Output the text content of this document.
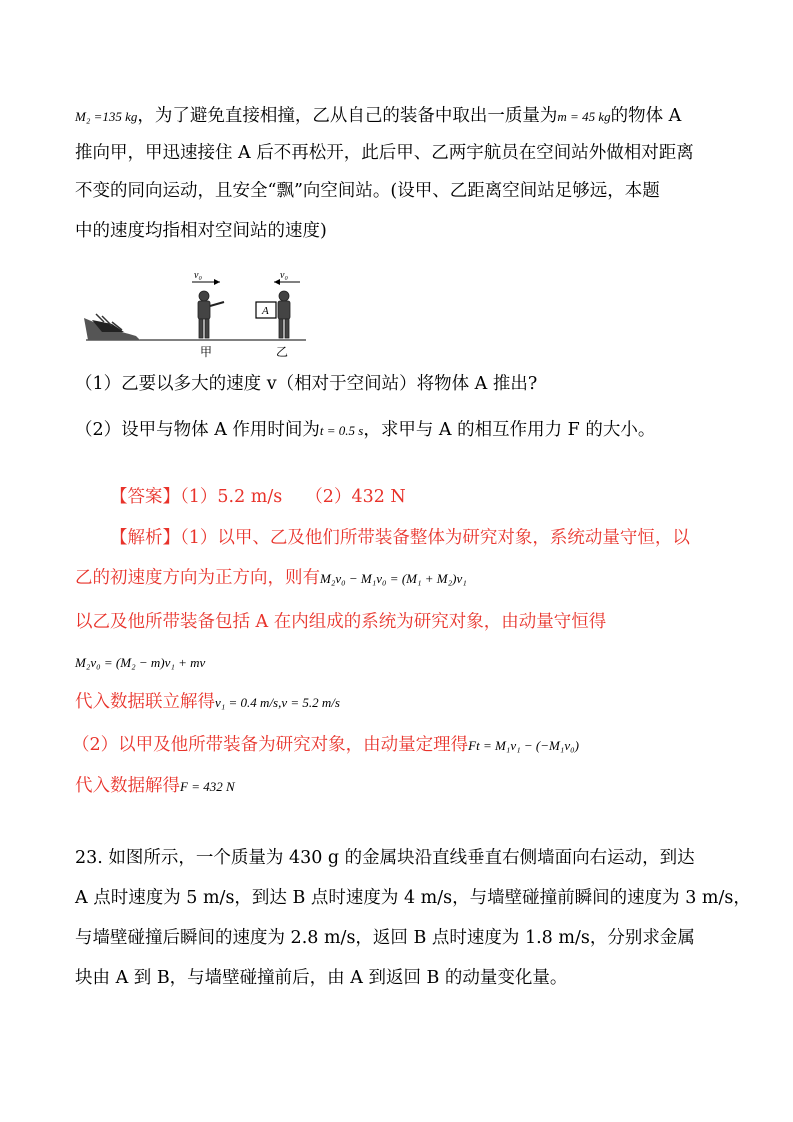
M₂ =135 kg，为了避免直接相撞，乙从自己的装备中取出一质量为m = 45 kg的物体 A
推向甲，甲迅速接住 A 后不再松开，此后甲、乙两宇航员在空间站外做相对距离
不变的同向运动，且安全“飘”向空间站。(设甲、乙距离空间站足够远，本题
中的速度均指相对空间站的速度)
v₀	v₀
A
甲	乙
（1）乙要以多大的速度 v（相对于空间站）将物体 A 推出?
（2）设甲与物体 A 作用时间为t = 0.5 s，求甲与 A 的相互作用力 F 的大小。
【答案】（1）5.2 m/s　 （2）432 N
【解析】（1）以甲、乙及他们所带装备整体为研究对象，系统动量守恒，以
乙的初速度方向为正方向，则有M₂v₀ − M₁v₀ = (M₁ + M₂)v₁
以乙及他所带装备包括 A 在内组成的系统为研究对象，由动量守恒得
M₂v₀ = (M₂ − m)v₁ + mv
代入数据联立解得v₁ = 0.4 m/s,v = 5.2 m/s
（2）以甲及他所带装备为研究对象，由动量定理得Ft = M₁v₁ − (−M₁v₀)
代入数据解得F = 432 N
23. 如图所示，一个质量为 430 g 的金属块沿直线垂直右侧墙面向右运动，到达
A 点时速度为 5 m/s，到达 B 点时速度为 4 m/s，与墙壁碰撞前瞬间的速度为 3 m/s，
与墙壁碰撞后瞬间的速度为 2.8 m/s，返回 B 点时速度为 1.8 m/s，分别求金属
块由 A 到 B，与墙壁碰撞前后，由 A 到返回 B 的动量变化量。
